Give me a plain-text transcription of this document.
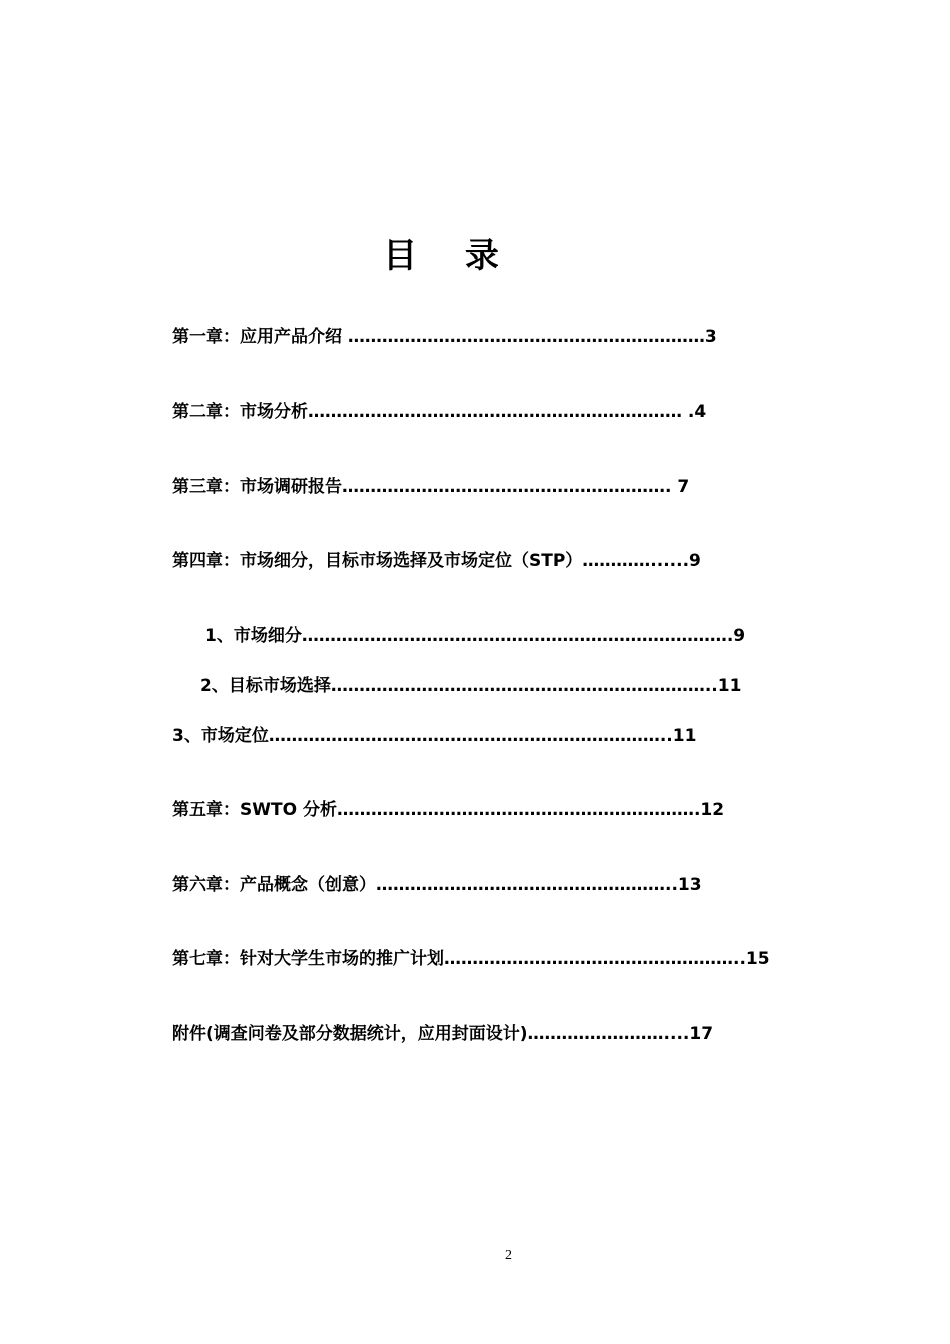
目 录
第一章：应用产品介绍 ………………………………………………………3
第二章：市场分析………………………………………………………… .4
第三章：市场调研报告…………………………………………………. 7
第四章：市场细分，目标市场选择及市场定位（STP）…………......9
1、市场细分………………………………………………………………….9
2、目标市场选择…………………………………………………………..11
3、市场定位……………………………………………………………..11
第五章：SWTO 分析……………………………………………………….12
第六章：产品概念（创意）……………………………………………..13
第七章：针对大学生市场的推广计划……………………………………………..15
附件(调查问卷及部分数据统计，应用封面设计)……………………....17
2
